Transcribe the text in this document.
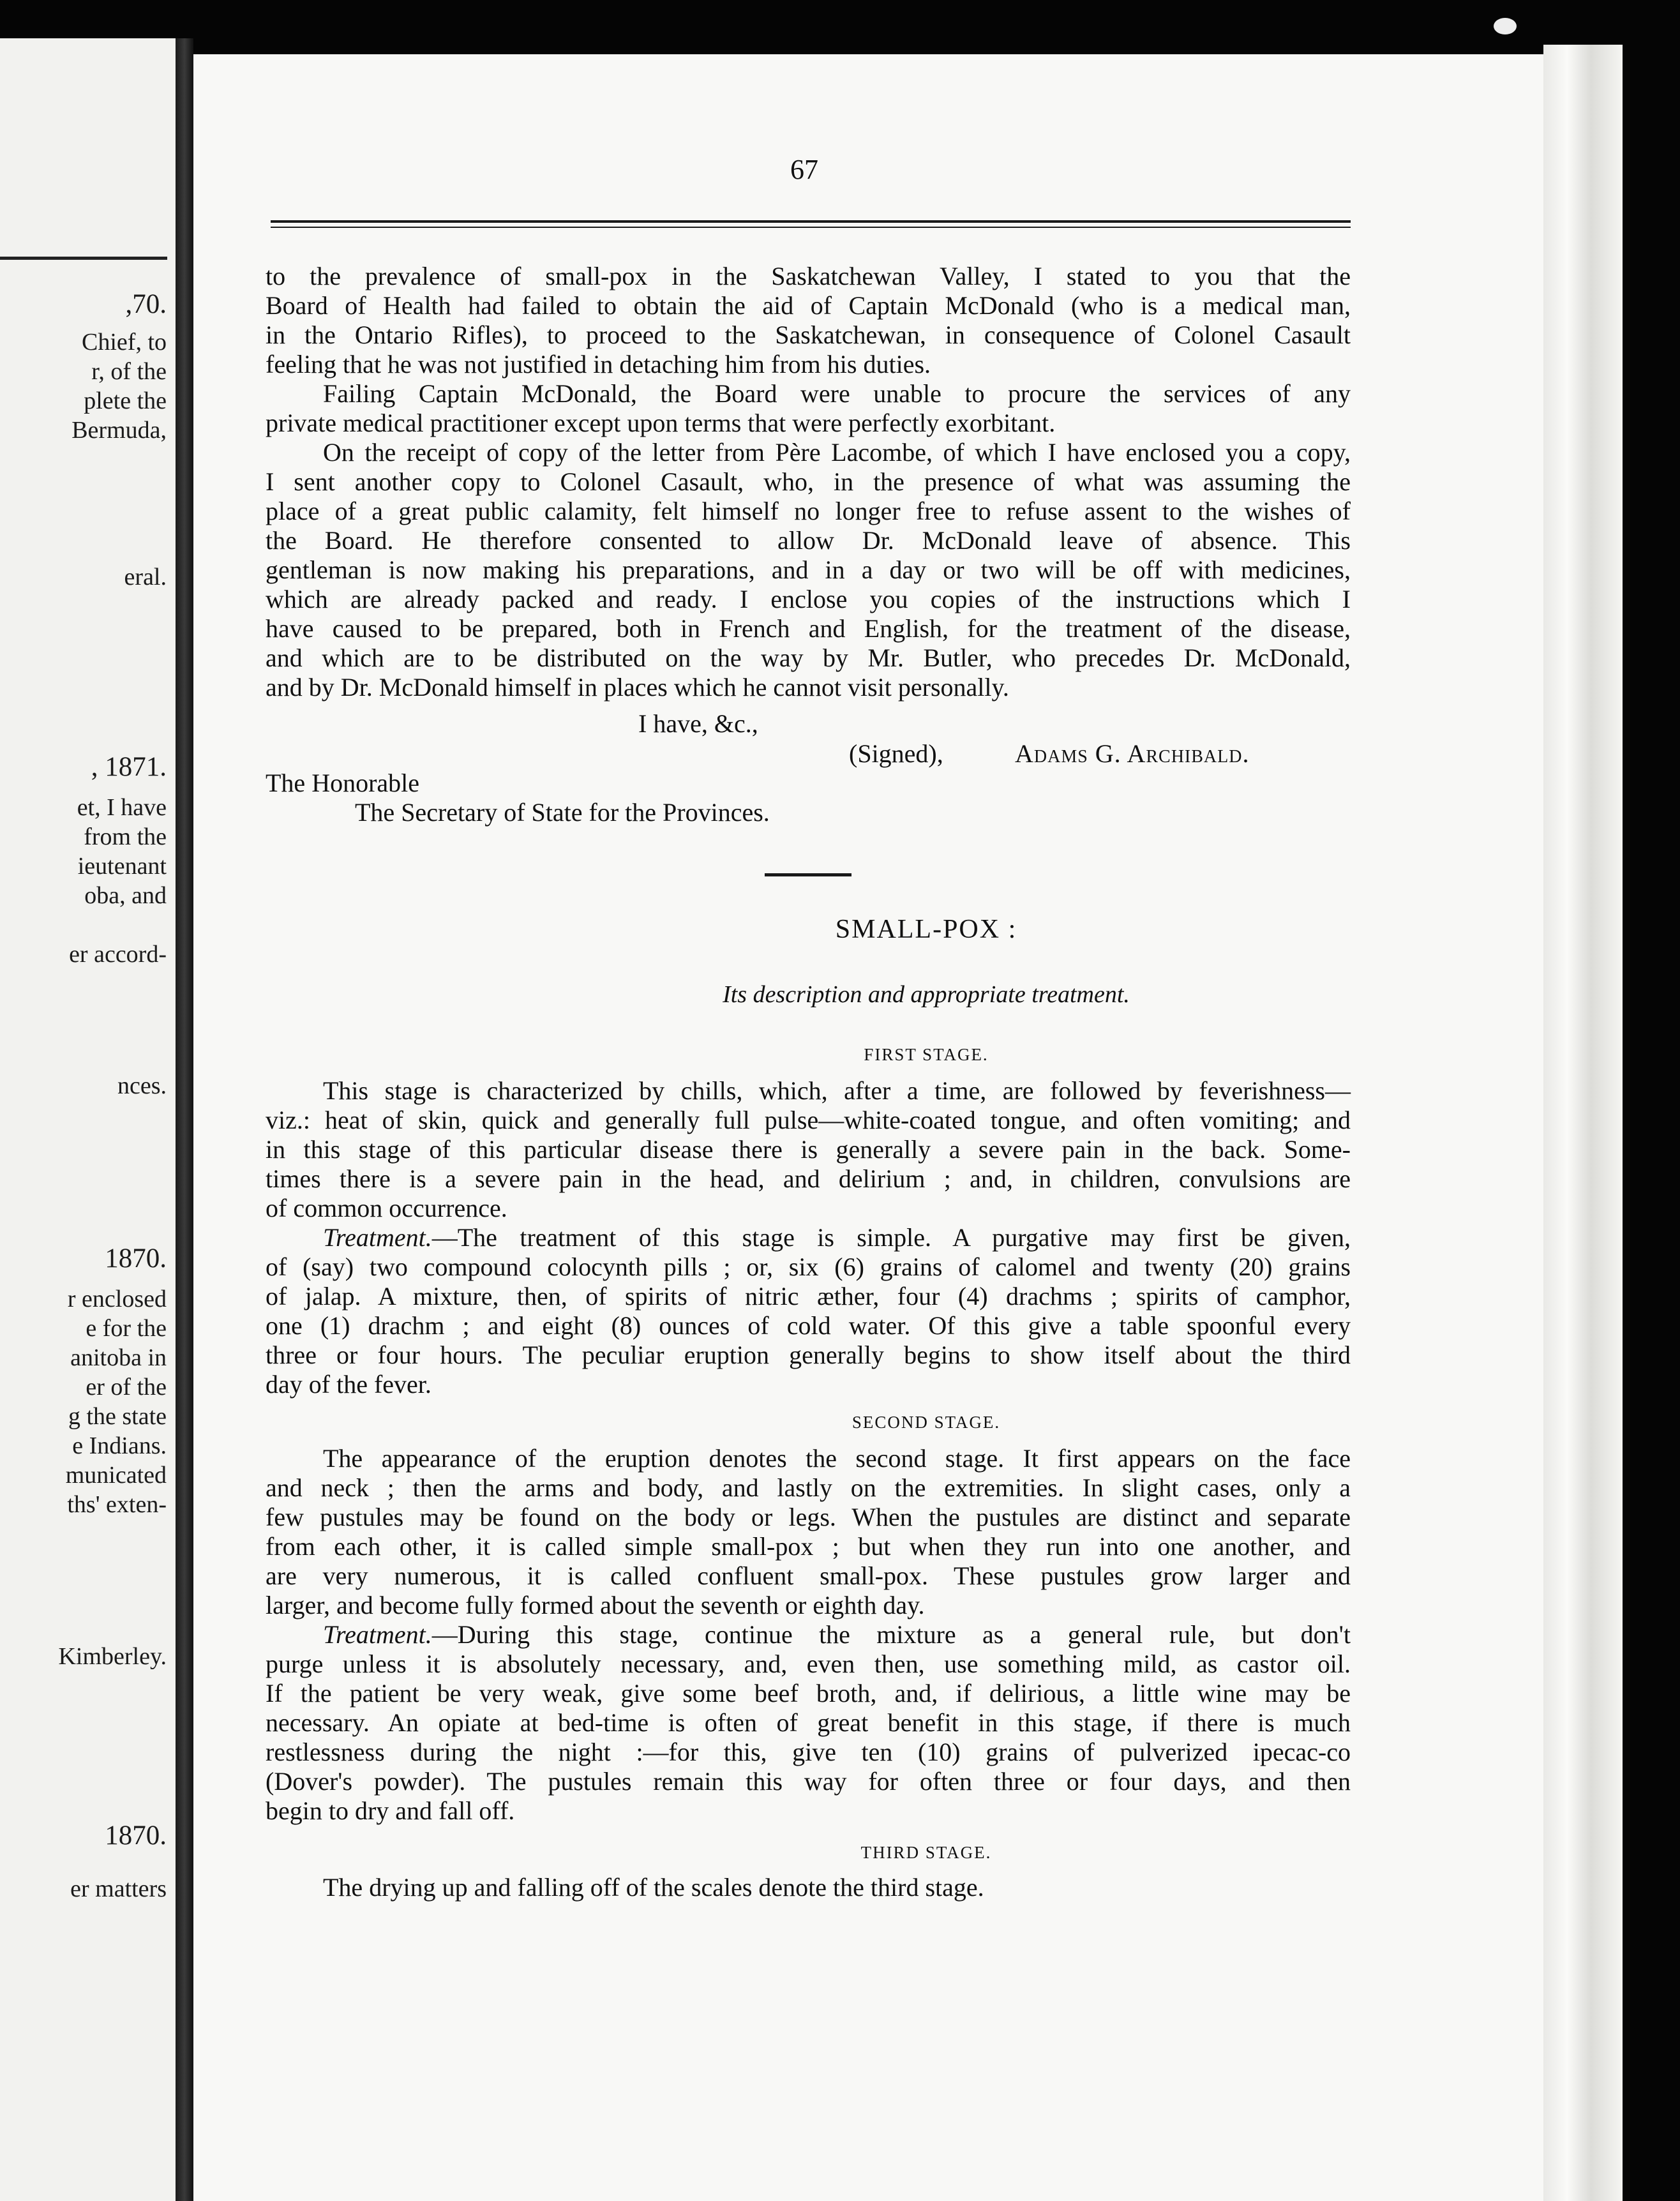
,70.
Chief, to
r, of the
plete the
Bermuda,
eral.
, 1871.
et, I have
from the
ieutenant
oba, and
er accord-
nces.
1870.
r enclosed
e for the
anitoba in
er of the
g the state
e Indians.
municated
ths' exten-
Kimberley.
1870.
er matters
67
to the prevalence of small-pox in the Saskatchewan Valley, I stated to you that the
Board of Health had failed to obtain the aid of Captain McDonald (who is a medical man,
in the Ontario Rifles), to proceed to the Saskatchewan, in consequence of Colonel Casault
feeling that he was not justified in detaching him from his duties.
Failing Captain McDonald, the Board were unable to procure the services of any
private medical practitioner except upon terms that were perfectly exorbitant.
On the receipt of copy of the letter from Père Lacombe, of which I have enclosed you a copy,
I sent another copy to Colonel Casault, who, in the presence of what was assuming the
place of a great public calamity, felt himself no longer free to refuse assent to the wishes of
the Board. He therefore consented to allow Dr. McDonald leave of absence. This
gentleman is now making his preparations, and in a day or two will be off with medicines,
which are already packed and ready. I enclose you copies of the instructions which I
have caused to be prepared, both in French and English, for the treatment of the disease,
and which are to be distributed on the way by Mr. Butler, who precedes Dr. McDonald,
and by Dr. McDonald himself in places which he cannot visit personally.
I have, &c.,
(Signed),	Adams G. Archibald.
The Honorable
The Secretary of State for the Provinces.
SMALL-POX :
Its description and appropriate treatment.
FIRST STAGE.
This stage is characterized by chills, which, after a time, are followed by feverishness—
viz.: heat of skin, quick and generally full pulse—white-coated tongue, and often vomiting; and
in this stage of this particular disease there is generally a severe pain in the back. Some-
times there is a severe pain in the head, and delirium ; and, in children, convulsions are
of common occurrence.
Treatment.—The treatment of this stage is simple. A purgative may first be given,
of (say) two compound colocynth pills ; or, six (6) grains of calomel and twenty (20) grains
of jalap. A mixture, then, of spirits of nitric æther, four (4) drachms ; spirits of camphor,
one (1) drachm ; and eight (8) ounces of cold water. Of this give a table spoonful every
three or four hours. The peculiar eruption generally begins to show itself about the third
day of the fever.
SECOND STAGE.
The appearance of the eruption denotes the second stage. It first appears on the face
and neck ; then the arms and body, and lastly on the extremities. In slight cases, only a
few pustules may be found on the body or legs. When the pustules are distinct and separate
from each other, it is called simple small-pox ; but when they run into one another, and
are very numerous, it is called confluent small-pox. These pustules grow larger and
larger, and become fully formed about the seventh or eighth day.
Treatment.—During this stage, continue the mixture as a general rule, but don't
purge unless it is absolutely necessary, and, even then, use something mild, as castor oil.
If the patient be very weak, give some beef broth, and, if delirious, a little wine may be
necessary. An opiate at bed-time is often of great benefit in this stage, if there is much
restlessness during the night :—for this, give ten (10) grains of pulverized ipecac-co
(Dover's powder). The pustules remain this way for often three or four days, and then
begin to dry and fall off.
THIRD STAGE.
The drying up and falling off of the scales denote the third stage.
